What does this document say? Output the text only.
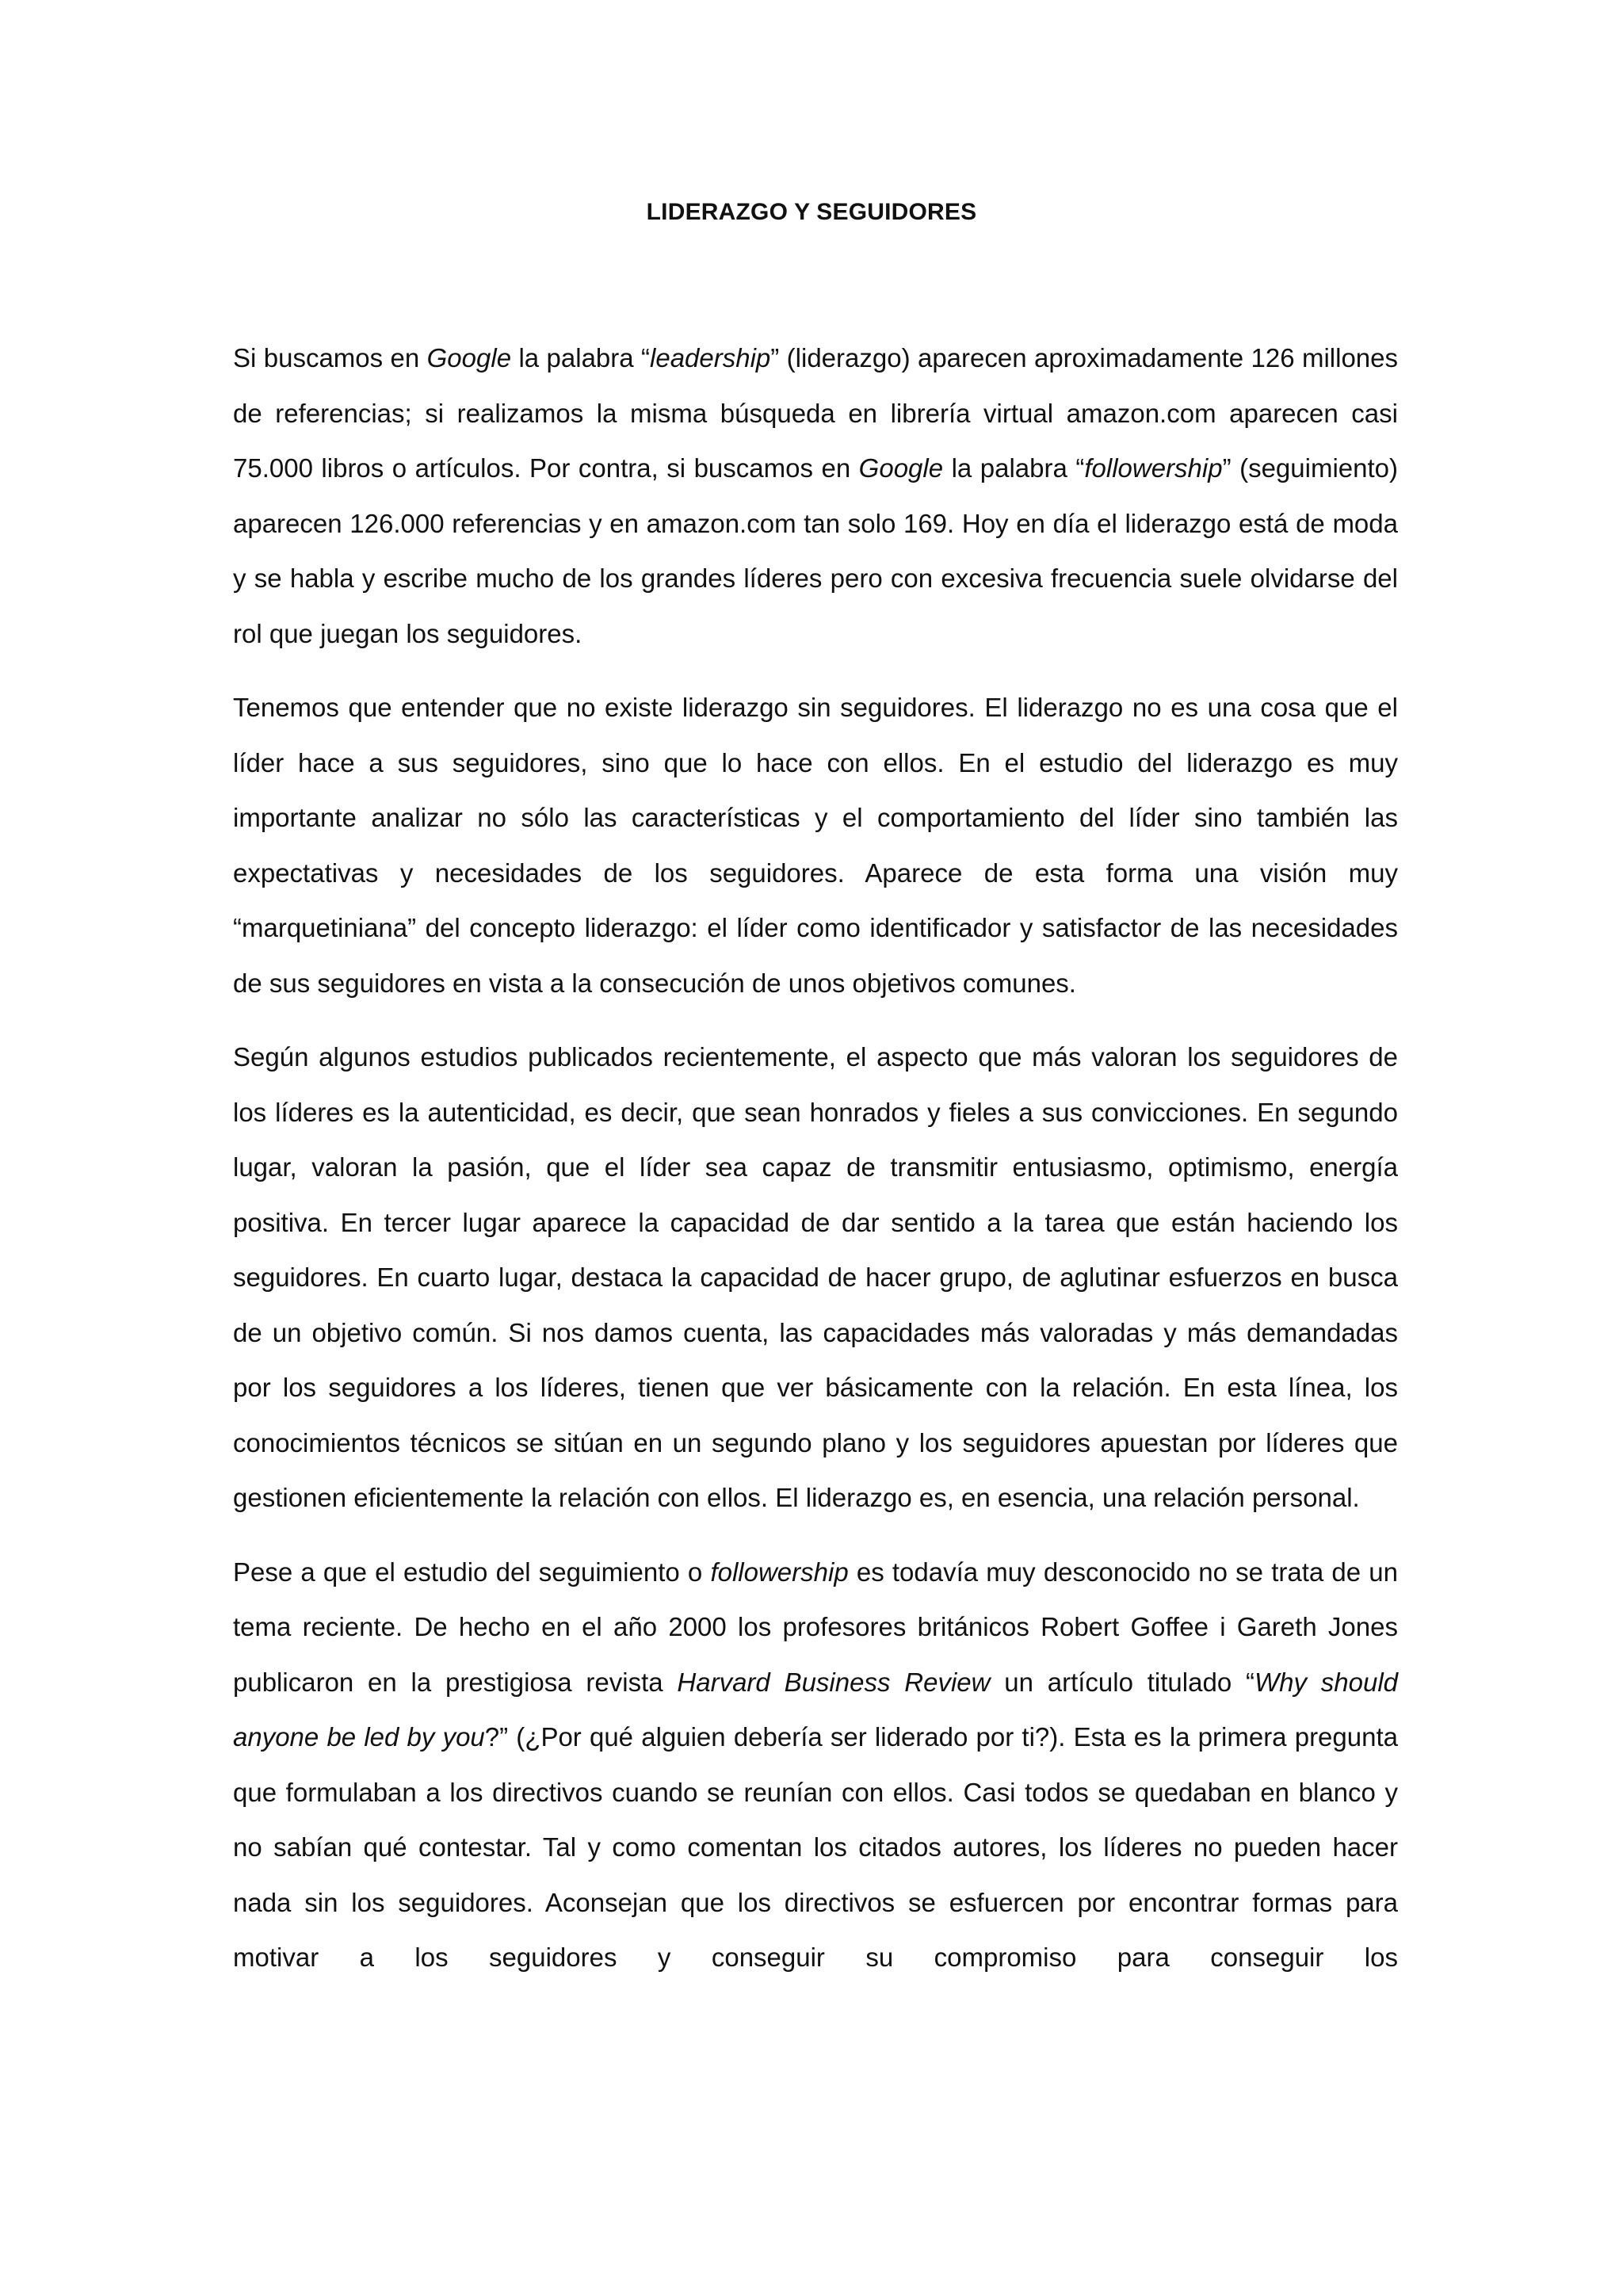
LIDERAZGO Y SEGUIDORES

Si buscamos en Google la palabra “leadership” (liderazgo) aparecen aproximadamente 126 millones de referencias; si realizamos la misma búsqueda en librería virtual amazon.com aparecen casi 75.000 libros o artículos. Por contra, si buscamos en Google la palabra “followership” (seguimiento) aparecen 126.000 referencias y en amazon.com tan solo 169. Hoy en día el liderazgo está de moda y se habla y escribe mucho de los grandes líderes pero con excesiva frecuencia suele olvidarse del rol que juegan los seguidores.

Tenemos que entender que no existe liderazgo sin seguidores. El liderazgo no es una cosa que el líder hace a sus seguidores, sino que lo hace con ellos. En el estudio del liderazgo es muy importante analizar no sólo las características y el comportamiento del líder sino también las expectativas y necesidades de los seguidores. Aparece de esta forma una visión muy “marquetiniana” del concepto liderazgo: el líder como identificador y satisfactor de las necesidades de sus seguidores en vista a la consecución de unos objetivos comunes.

Según algunos estudios publicados recientemente, el aspecto que más valoran los seguidores de los líderes es la autenticidad, es decir, que sean honrados y fieles a sus convicciones. En segundo lugar, valoran la pasión, que el líder sea capaz de transmitir entusiasmo, optimismo, energía positiva. En tercer lugar aparece la capacidad de dar sentido a la tarea que están haciendo los seguidores. En cuarto lugar, destaca la capacidad de hacer grupo, de aglutinar esfuerzos en busca de un objetivo común. Si nos damos cuenta, las capacidades más valoradas y más demandadas por los seguidores a los líderes, tienen que ver básicamente con la relación. En esta línea, los conocimientos técnicos se sitúan en un segundo plano y los seguidores apuestan por líderes que gestionen eficientemente la relación con ellos. El liderazgo es, en esencia, una relación personal.

Pese a que el estudio del seguimiento o followership es todavía muy desconocido no se trata de un tema reciente. De hecho en el año 2000 los profesores británicos Robert Goffee i Gareth Jones publicaron en la prestigiosa revista Harvard Business Review un artículo titulado “Why should anyone be led by you?” (¿Por qué alguien debería ser liderado por ti?). Esta es la primera pregunta que formulaban a los directivos cuando se reunían con ellos. Casi todos se quedaban en blanco y no sabían qué contestar. Tal y como comentan los citados autores, los líderes no pueden hacer nada sin los seguidores. Aconsejan que los directivos se esfuercen por encontrar formas para motivar a los seguidores y conseguir su compromiso para conseguir los
